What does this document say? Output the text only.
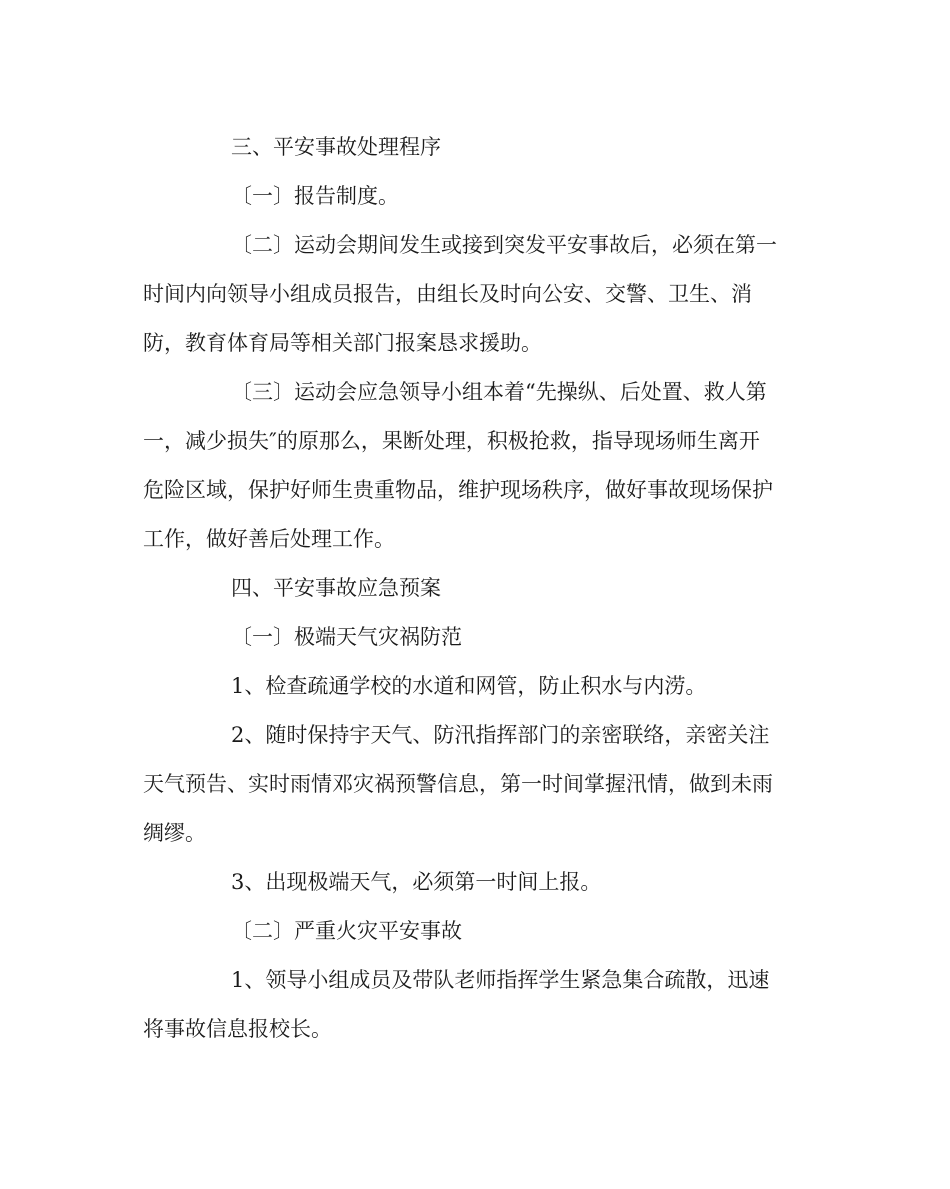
三、平安事故处理程序
〔一〕报告制度。
〔二〕运动会期间发生或接到突发平安事故后，必须在第一
时间内向领导小组成员报告，由组长及时向公安、交警、卫生、消
防，教育体育局等相关部门报案恳求援助。
〔三〕运动会应急领导小组本着“先操纵、后处置、救人第
一，减少损失″的原那么，果断处理，积极抢救，指导现场师生离开
危险区域，保护好师生贵重物品，维护现场秩序，做好事故现场保护
工作，做好善后处理工作。
四、平安事故应急预案
〔一〕极端天气灾祸防范
1、检查疏通学校的水道和网管，防止积水与内涝。
2、随时保持宇天气、防汛指挥部门的亲密联络，亲密关注
天气预告、实时雨情邓灾祸预警信息，第一时间掌握汛情，做到未雨
绸缪。
3、出现极端天气，必须第一时间上报。
〔二〕严重火灾平安事故
1、领导小组成员及带队老师指挥学生紧急集合疏散，迅速
将事故信息报校长。
